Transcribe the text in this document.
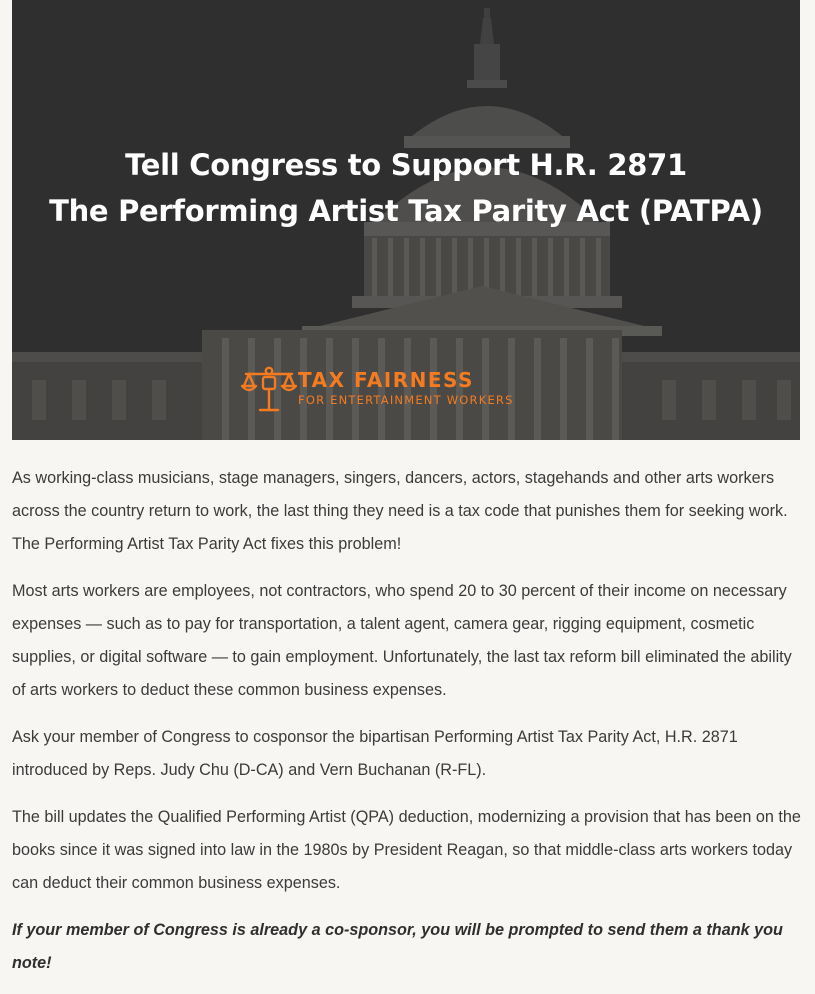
Tell Congress to Support H.R. 2871
The Performing Artist Tax Parity Act (PATPA)
TAX FAIRNESS
FOR ENTERTAINMENT WORKERS

As working-class musicians, stage managers, singers, dancers, actors, stagehands and other arts workers across the country return to work, the last thing they need is a tax code that punishes them for seeking work. The Performing Artist Tax Parity Act fixes this problem!

Most arts workers are employees, not contractors, who spend 20 to 30 percent of their income on necessary expenses — such as to pay for transportation, a talent agent, camera gear, rigging equipment, cosmetic supplies, or digital software — to gain employment. Unfortunately, the last tax reform bill eliminated the ability of arts workers to deduct these common business expenses.

Ask your member of Congress to cosponsor the bipartisan Performing Artist Tax Parity Act, H.R. 2871 introduced by Reps. Judy Chu (D-CA) and Vern Buchanan (R-FL).

The bill updates the Qualified Performing Artist (QPA) deduction, modernizing a provision that has been on the books since it was signed into law in the 1980s by President Reagan, so that middle-class arts workers today can deduct their common business expenses.

If your member of Congress is already a co-sponsor, you will be prompted to send them a thank you note!
